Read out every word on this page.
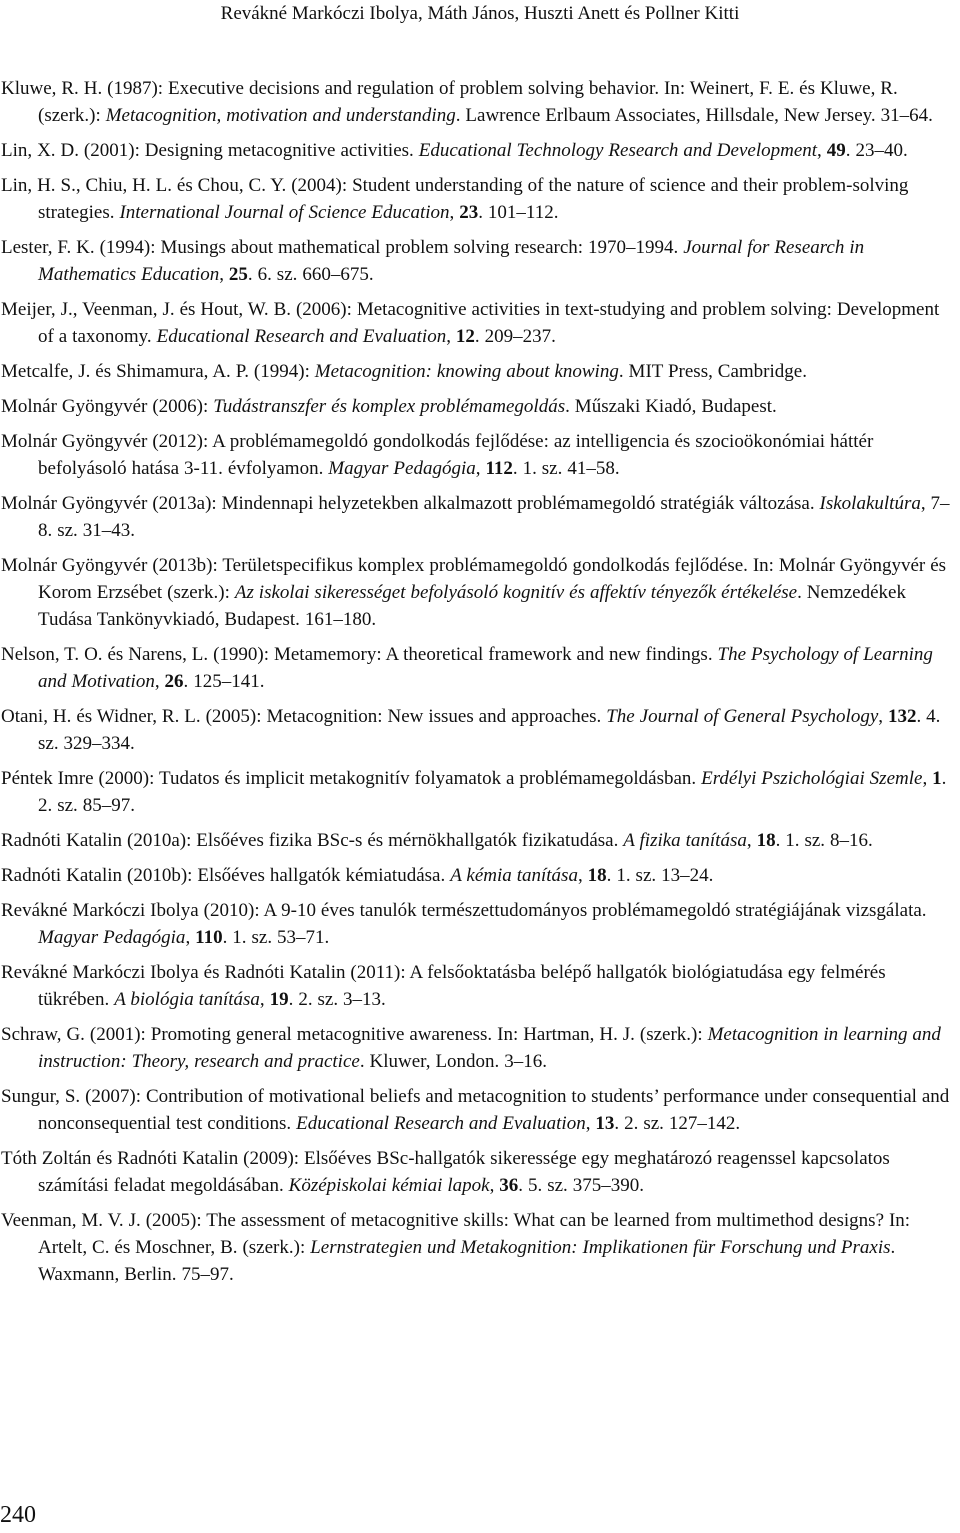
Revákné Markóczi Ibolya, Máth János, Huszti Anett és Pollner Kitti
Kluwe, R. H. (1987): Executive decisions and regulation of problem solving behavior. In: Weinert, F. E. és Kluwe, R. (szerk.): Metacognition, motivation and understanding. Lawrence Erlbaum Associates, Hillsdale, New Jersey. 31–64.
Lin, X. D. (2001): Designing metacognitive activities. Educational Technology Research and Development, 49. 23–40.
Lin, H. S., Chiu, H. L. és Chou, C. Y. (2004): Student understanding of the nature of science and their problem-solving strategies. International Journal of Science Education, 23. 101–112.
Lester, F. K. (1994): Musings about mathematical problem solving research: 1970–1994. Journal for Research in Mathematics Education, 25. 6. sz. 660–675.
Meijer, J., Veenman, J. és Hout, W. B. (2006): Metacognitive activities in text-studying and problem solving: Development of a taxonomy. Educational Research and Evaluation, 12. 209–237.
Metcalfe, J. és Shimamura, A. P. (1994): Metacognition: knowing about knowing. MIT Press, Cambridge.
Molnár Gyöngyvér (2006): Tudástranszfer és komplex problémamegoldás. Műszaki Kiadó, Budapest.
Molnár Gyöngyvér (2012): A problémamegoldó gondolkodás fejlődése: az intelligencia és szocioökonómiai háttér befolyásoló hatása 3-11. évfolyamon. Magyar Pedagógia, 112. 1. sz. 41–58.
Molnár Gyöngyvér (2013a): Mindennapi helyzetekben alkalmazott problémamegoldó stratégiák változása. Iskolakultúra, 7–8. sz. 31–43.
Molnár Gyöngyvér (2013b): Területspecifikus komplex problémamegoldó gondolkodás fejlődése. In: Molnár Gyöngyvér és Korom Erzsébet (szerk.): Az iskolai sikerességet befolyásoló kognitív és affektív tényezők értékelése. Nemzedékek Tudása Tankönyvkiadó, Budapest. 161–180.
Nelson, T. O. és Narens, L. (1990): Metamemory: A theoretical framework and new findings. The Psychology of Learning and Motivation, 26. 125–141.
Otani, H. és Widner, R. L. (2005): Metacognition: New issues and approaches. The Journal of General Psychology, 132. 4. sz. 329–334.
Péntek Imre (2000): Tudatos és implicit metakognitív folyamatok a problémamegoldásban. Erdélyi Pszichológiai Szemle, 1. 2. sz. 85–97.
Radnóti Katalin (2010a): Elsőéves fizika BSc-s és mérnökhallgatók fizikatudása. A fizika tanítása, 18. 1. sz. 8–16.
Radnóti Katalin (2010b): Elsőéves hallgatók kémiatudása. A kémia tanítása, 18. 1. sz. 13–24.
Revákné Markóczi Ibolya (2010): A 9-10 éves tanulók természettudományos problémamegoldó stratégiájának vizsgálata. Magyar Pedagógia, 110. 1. sz. 53–71.
Revákné Markóczi Ibolya és Radnóti Katalin (2011): A felsőoktatásba belépő hallgatók biológiatudása egy felmérés tükrében. A biológia tanítása, 19. 2. sz. 3–13.
Schraw, G. (2001): Promoting general metacognitive awareness. In: Hartman, H. J. (szerk.): Metacognition in learning and instruction: Theory, research and practice. Kluwer, London. 3–16.
Sungur, S. (2007): Contribution of motivational beliefs and metacognition to students’ performance under consequential and nonconsequential test conditions. Educational Research and Evaluation, 13. 2. sz. 127–142.
Tóth Zoltán és Radnóti Katalin (2009): Elsőéves BSc-hallgatók sikeressége egy meghatározó reagenssel kapcsolatos számítási feladat megoldásában. Középiskolai kémiai lapok, 36. 5. sz. 375–390.
Veenman, M. V. J. (2005): The assessment of metacognitive skills: What can be learned from multimethod designs? In: Artelt, C. és Moschner, B. (szerk.): Lernstrategien und Metakognition: Implikationen für Forschung und Praxis. Waxmann, Berlin. 75–97.
240
